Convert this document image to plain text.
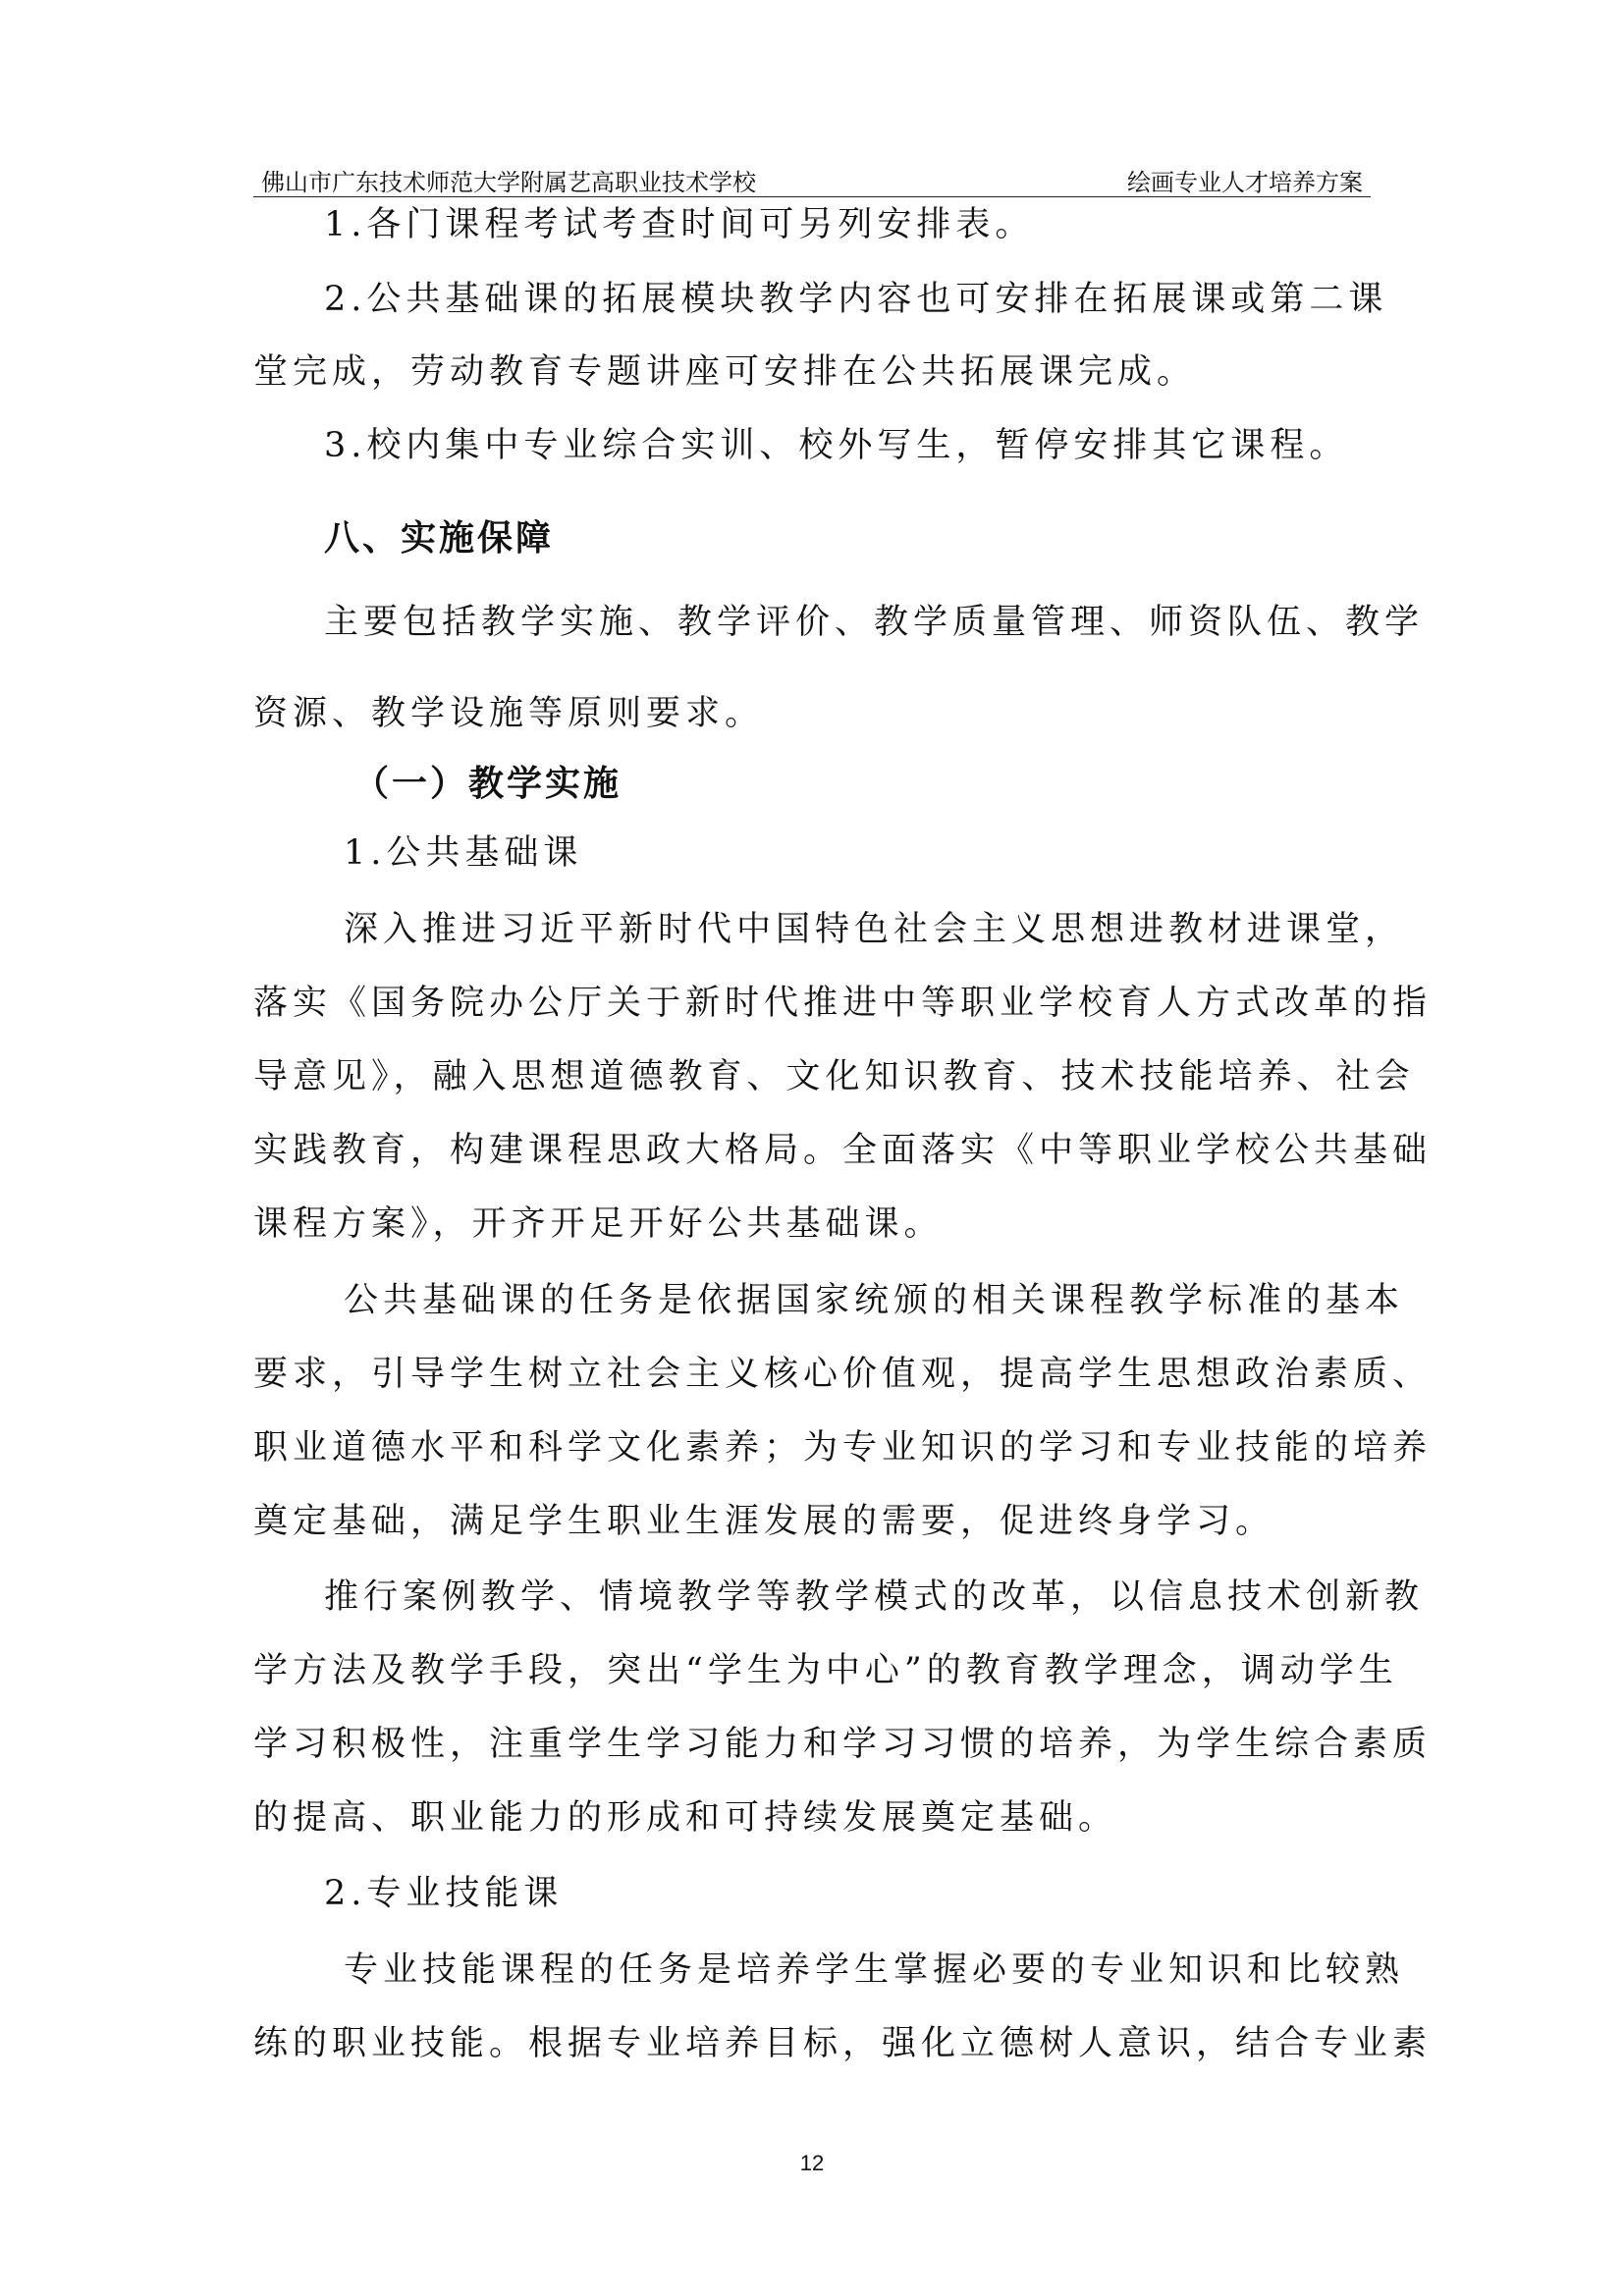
佛山市广东技术师范大学附属艺高职业技术学校	绘画专业人才培养方案
1.各门课程考试考查时间可另列安排表。
2.公共基础课的拓展模块教学内容也可安排在拓展课或第二课
堂完成，劳动教育专题讲座可安排在公共拓展课完成。
3.校内集中专业综合实训、校外写生，暂停安排其它课程。
八、实施保障
主要包括教学实施、教学评价、教学质量管理、师资队伍、教学
资源、教学设施等原则要求。
（一）教学实施
1.公共基础课
深入推进习近平新时代中国特色社会主义思想进教材进课堂，
落实《国务院办公厅关于新时代推进中等职业学校育人方式改革的指
导意见》，融入思想道德教育、文化知识教育、技术技能培养、社会
实践教育，构建课程思政大格局。全面落实《中等职业学校公共基础
课程方案》，开齐开足开好公共基础课。
公共基础课的任务是依据国家统颁的相关课程教学标准的基本
要求，引导学生树立社会主义核心价值观，提高学生思想政治素质、
职业道德水平和科学文化素养；为专业知识的学习和专业技能的培养
奠定基础，满足学生职业生涯发展的需要，促进终身学习。
推行案例教学、情境教学等教学模式的改革，以信息技术创新教
学方法及教学手段，突出“学生为中心”的教育教学理念，调动学生
学习积极性，注重学生学习能力和学习习惯的培养，为学生综合素质
的提高、职业能力的形成和可持续发展奠定基础。
2.专业技能课
专业技能课程的任务是培养学生掌握必要的专业知识和比较熟
练的职业技能。根据专业培养目标，强化立德树人意识，结合专业素
12
